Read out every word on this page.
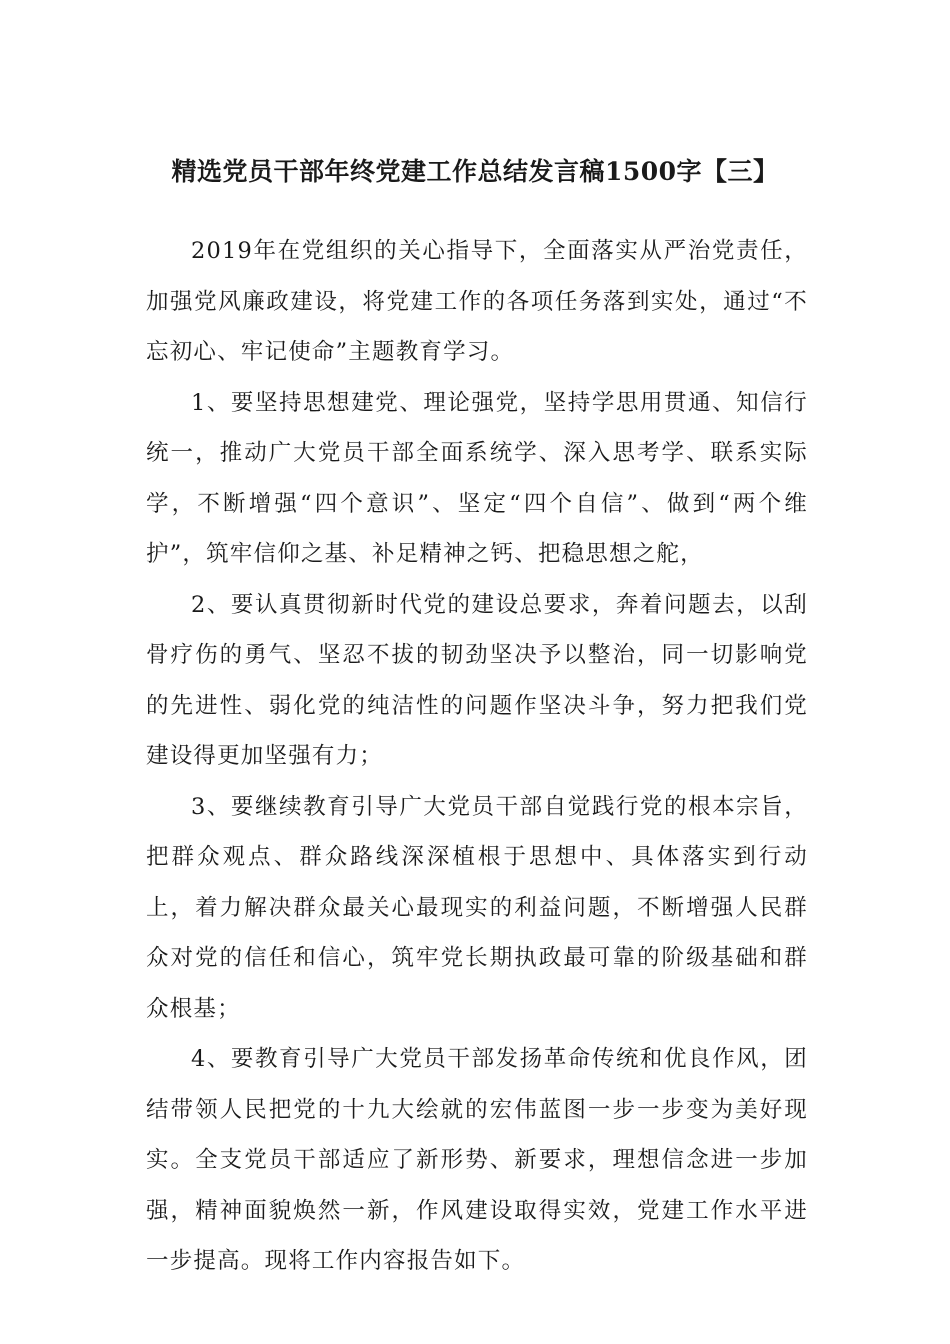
精选党员干部年终党建工作总结发言稿1500字【三】

2019年在党组织的关心指导下，全面落实从严治党责任，加强党风廉政建设，将党建工作的各项任务落到实处，通过“不忘初心、牢记使命”主题教育学习。

1、要坚持思想建党、理论强党，坚持学思用贯通、知信行统一，推动广大党员干部全面系统学、深入思考学、联系实际学，不断增强“四个意识”、坚定“四个自信”、做到“两个维护”，筑牢信仰之基、补足精神之钙、把稳思想之舵，

2、要认真贯彻新时代党的建设总要求，奔着问题去，以刮骨疗伤的勇气、坚忍不拔的韧劲坚决予以整治，同一切影响党的先进性、弱化党的纯洁性的问题作坚决斗争，努力把我们党建设得更加坚强有力；

3、要继续教育引导广大党员干部自觉践行党的根本宗旨，把群众观点、群众路线深深植根于思想中、具体落实到行动上，着力解决群众最关心最现实的利益问题，不断增强人民群众对党的信任和信心，筑牢党长期执政最可靠的阶级基础和群众根基；

4、要教育引导广大党员干部发扬革命传统和优良作风，团结带领人民把党的十九大绘就的宏伟蓝图一步一步变为美好现实。全支党员干部适应了新形势、新要求，理想信念进一步加强，精神面貌焕然一新，作风建设取得实效，党建工作水平进一步提高。现将工作内容报告如下。
